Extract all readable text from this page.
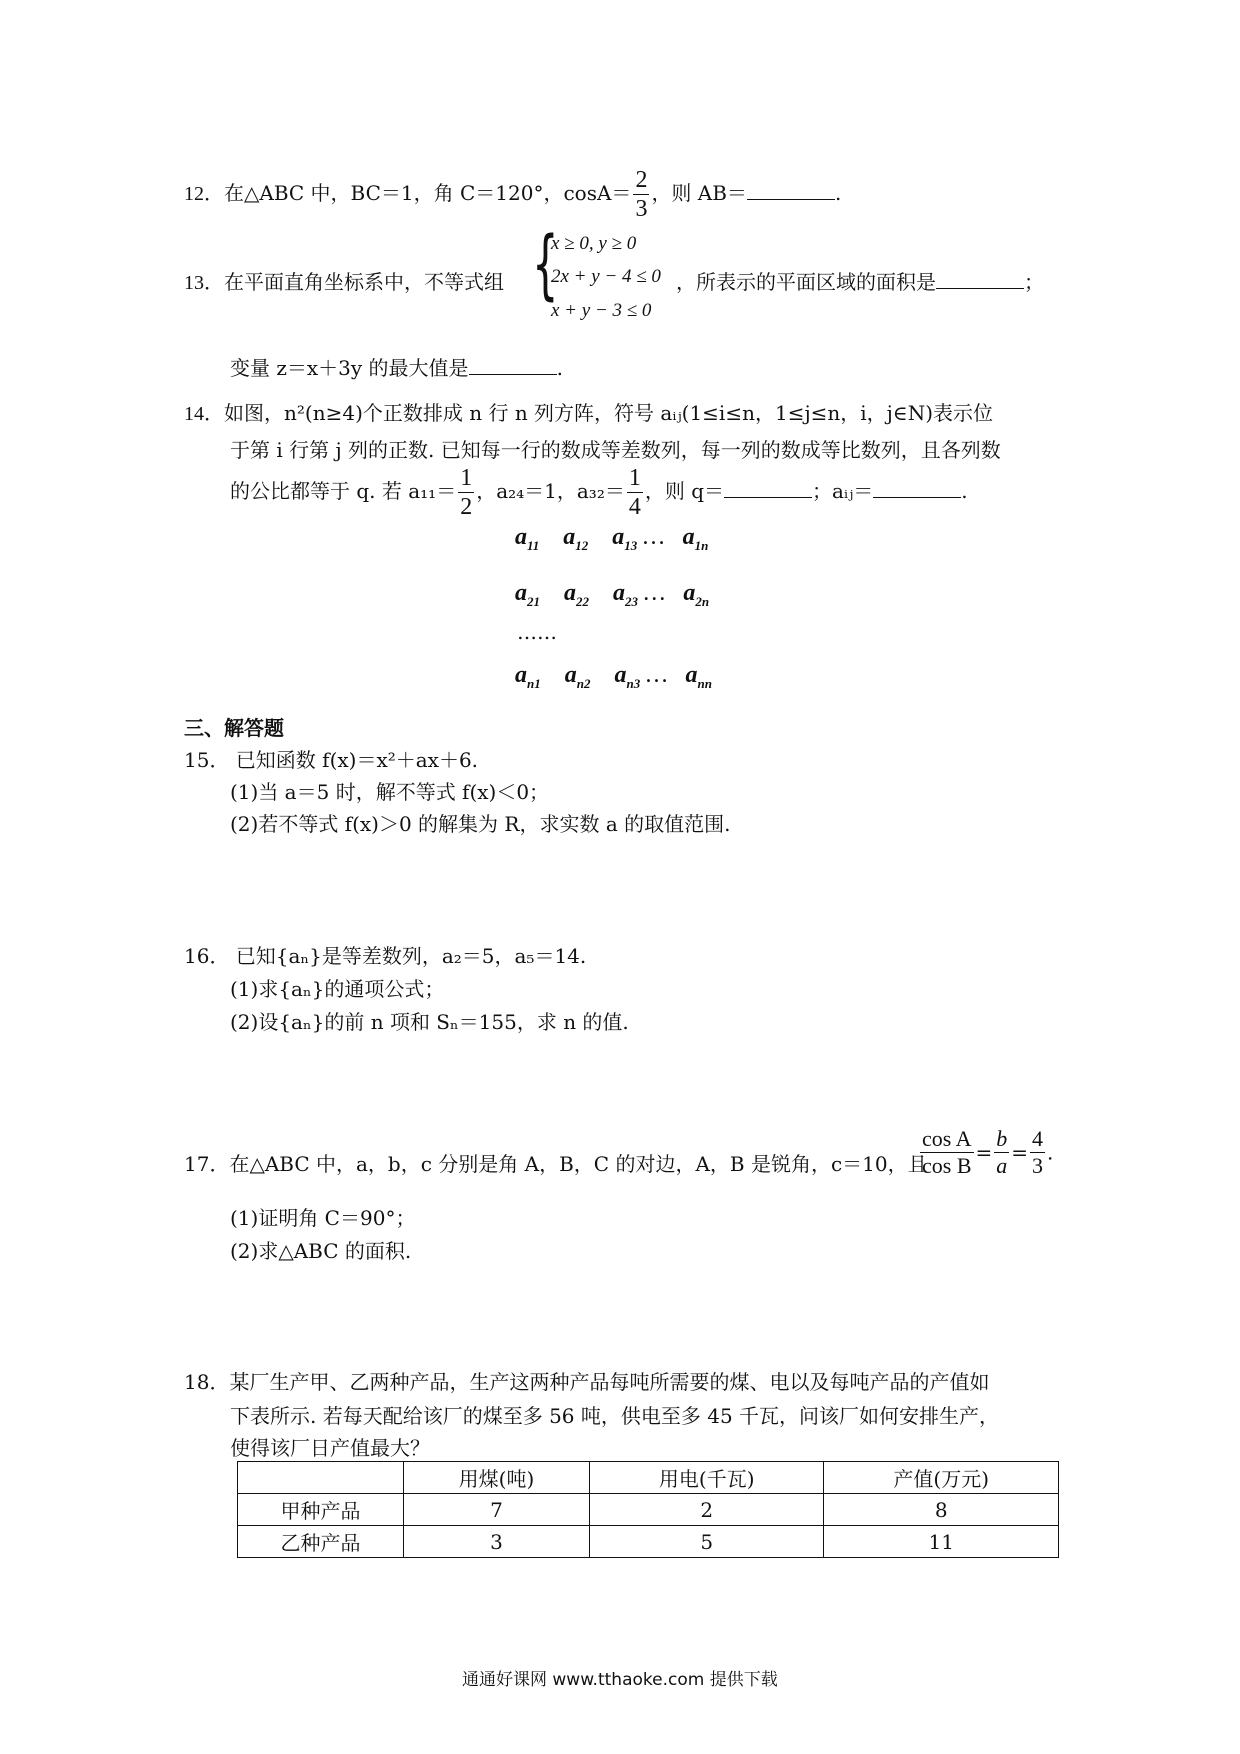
12．在△ABC 中，BC＝1，角 C＝120°，$\cos A= \frac{2}{3}$ ，则 AB＝	.
13．在平面直角坐标系中，不等式组 {
x ≥ 0, y ≥ 0
2x + y − 4 ≤ 0
x + y − 3 ≤ 0
，所表示的平面区域的面积是	；
变量 z＝x＋3y 的最大值是	.
14．如图，n²(n≥4)个正数排成 n 行 n 列方阵，符号 aᵢⱼ(1≤i≤n，1≤j≤n，i，j∈N)表示位
于第 i 行第 j 列的正数. 已知每一行的数成等差数列，每一列的数成等比数列，且各列数
的公比都等于 q. 若 $a_{11}= \frac{1}{2}$ ，a₂₄＝1，$a_{32}= \frac{1}{4}$ ，则 q＝	；aᵢⱼ＝	.
$a_{11}$ $a_{12}$ $a_{13}$ … $a_{1n}$
$a_{21}$ $a_{22}$ $a_{23}$ … $a_{2n}$
……
$a_{n1}$ $a_{n2}$ $a_{n3}$ … $a_{nn}$
三、解答题
15． 已知函数 f(x)＝x²＋ax＋6.
(1)当 a＝5 时，解不等式 f(x)＜0；
(2)若不等式 f(x)＞0 的解集为 R，求实数 a 的取值范围.
16． 已知{aₙ}是等差数列，a₂＝5，a₅＝14.
(1)求{aₙ}的通项公式；
(2)设{aₙ}的前 n 项和 Sₙ＝155，求 n 的值.
17．在△ABC 中，a，b，c 分别是角 A，B，C 的对边，A，B 是锐角，c＝10，且
$\frac{\text{cos A}}{\text{cos B}} = \frac{b}{a} = \frac{4}{3}$ .
(1)证明角 C＝90°；
(2)求△ABC 的面积.
18．某厂生产甲、乙两种产品，生产这两种产品每吨所需要的煤、电以及每吨产品的产值如
下表所示. 若每天配给该厂的煤至多 56 吨，供电至多 45 千瓦，问该厂如何安排生产，
使得该厂日产值最大？
	用煤(吨)	用电(千瓦)	产值(万元)
甲种产品	7	2	8
乙种产品	3	5	11
通通好课网 www.tthaoke.com 提供下载
